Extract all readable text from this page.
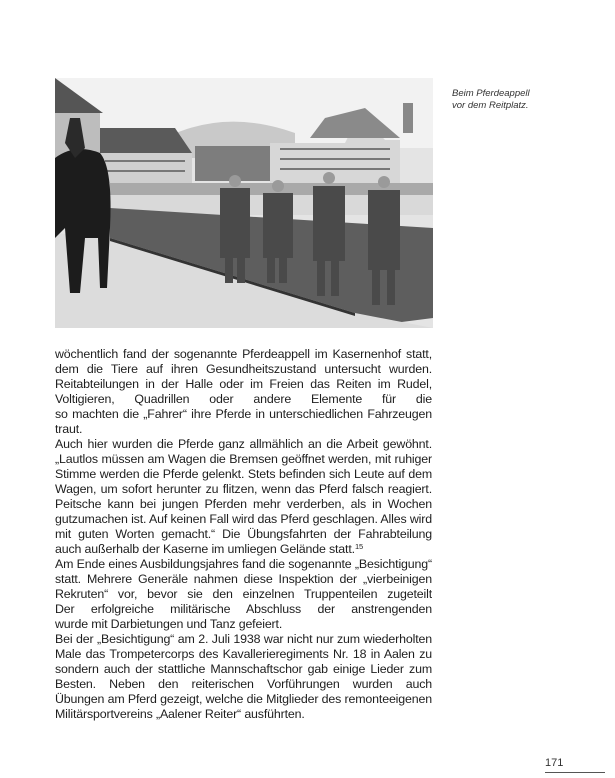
Beim Pferdeappell
vor dem Reitplatz.
wöchentlich fand der sogenannte Pferdeappell im Kasernenhof statt,
dem die Tiere auf ihren Gesundheitszustand untersucht wurden.
Reitabteilungen in der Halle oder im Freien das Reiten im Rudel,
Voltigieren, Quadrillen oder andere Elemente für die
so machten die „Fahrer“ ihre Pferde in unterschiedlichen Fahrzeugen
traut.
Auch hier wurden die Pferde ganz allmählich an die Arbeit gewöhnt.
„Lautlos müssen am Wagen die Bremsen geöffnet werden, mit ruhiger
Stimme werden die Pferde gelenkt. Stets befinden sich Leute auf dem
Wagen, um sofort herunter zu flitzen, wenn das Pferd falsch reagiert.
Peitsche kann bei jungen Pferden mehr verderben, als in Wochen
gutzumachen ist. Auf keinen Fall wird das Pferd geschlagen. Alles wird
mit guten Worten gemacht.“ Die Übungsfahrten der Fahrabteilung
auch außerhalb der Kaserne im umliegen Gelände statt.$^{15}$
Am Ende eines Ausbildungsjahres fand die sogenannte „Besichtigung“
statt. Mehrere Generäle nahmen diese Inspektion der „vierbeinigen
Rekruten“ vor, bevor sie den einzelnen Truppenteilen zugeteilt
Der erfolgreiche militärische Abschluss der anstrengenden
wurde mit Darbietungen und Tanz gefeiert.
Bei der „Besichtigung“ am 2. Juli 1938 war nicht nur zum wiederholten
Male das Trompetercorps des Kavallerieregiments Nr. 18 in Aalen zu
sondern auch der stattliche Mannschaftschor gab einige Lieder zum
Besten. Neben den reiterischen Vorführungen wurden auch
Übungen am Pferd gezeigt, welche die Mitglieder des remonteeigenen
Militärsportvereins „Aalener Reiter“ ausführten.
171
